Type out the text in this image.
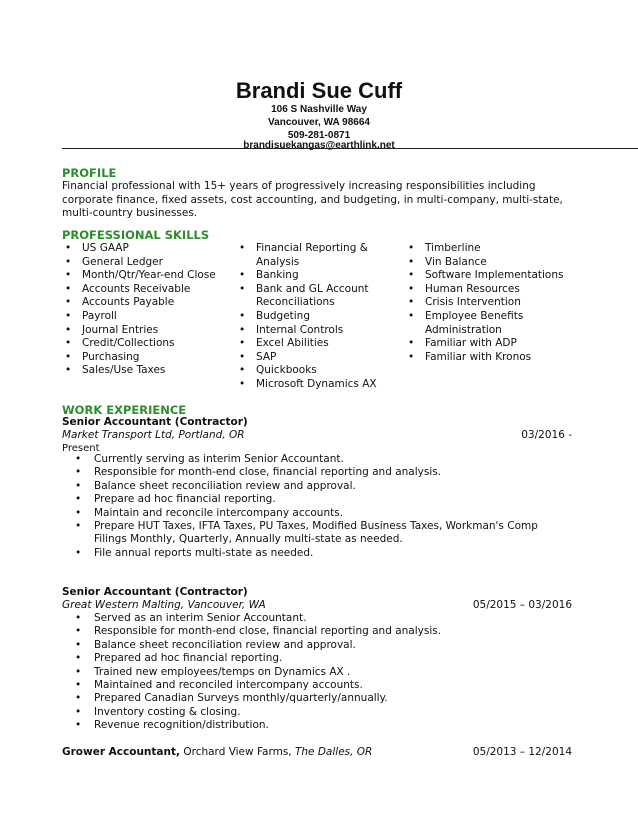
Brandi Sue Cuff
106 S Nashville Way
Vancouver, WA 98664
509-281-0871
brandisuekangas@earthlink.net
PROFILE
Financial professional with 15+ years of progressively increasing responsibilities including corporate finance, fixed assets, cost accounting, and budgeting, in multi-company, multi-state, multi-country businesses.
PROFESSIONAL SKILLS
• US GAAP
• General Ledger
• Month/Qtr/Year-end Close
• Accounts Receivable
• Accounts Payable
• Payroll
• Journal Entries
• Credit/Collections
• Purchasing
• Sales/Use Taxes
• Financial Reporting & Analysis
• Banking
• Bank and GL Account Reconciliations
• Budgeting
• Internal Controls
• Excel Abilities
• SAP
• Quickbooks
• Microsoft Dynamics AX
• Timberline
• Vin Balance
• Software Implementations
• Human Resources
• Crisis Intervention
• Employee Benefits Administration
• Familiar with ADP
• Familiar with Kronos
WORK EXPERIENCE
Senior Accountant (Contractor)
Market Transport Ltd, Portland, OR	03/2016 -
Present
• Currently serving as interim Senior Accountant.
• Responsible for month-end close, financial reporting and analysis.
• Balance sheet reconciliation review and approval.
• Prepare ad hoc financial reporting.
• Maintain and reconcile intercompany accounts.
• Prepare HUT Taxes, IFTA Taxes, PU Taxes, Modified Business Taxes, Workman's Comp Filings Monthly, Quarterly, Annually multi-state as needed.
• File annual reports multi-state as needed.
Senior Accountant (Contractor)
Great Western Malting, Vancouver, WA	05/2015 – 03/2016
• Served as an interim Senior Accountant.
• Responsible for month-end close, financial reporting and analysis.
• Balance sheet reconciliation review and approval.
• Prepared ad hoc financial reporting.
• Trained new employees/temps on Dynamics AX .
• Maintained and reconciled intercompany accounts.
• Prepared Canadian Surveys monthly/quarterly/annually.
• Inventory costing & closing.
• Revenue recognition/distribution.
Grower Accountant, Orchard View Farms, The Dalles, OR	05/2013 – 12/2014
